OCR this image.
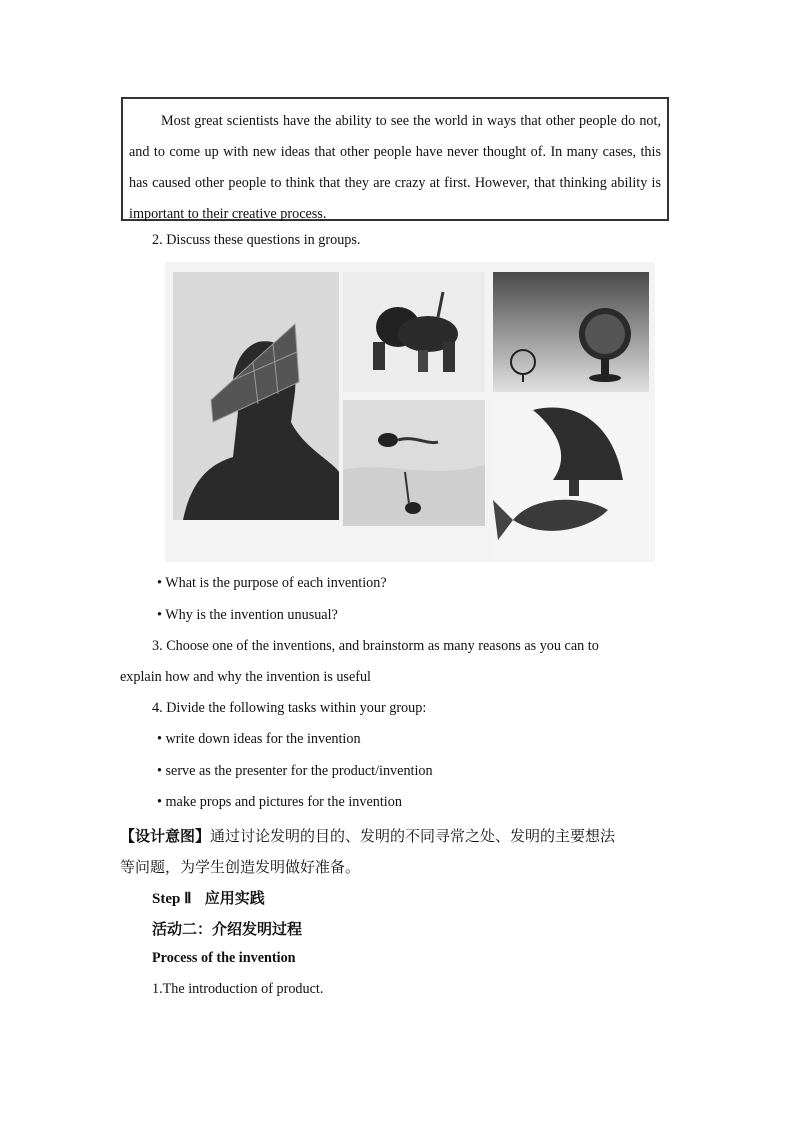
Most great scientists have the ability to see the world in ways that other people do not, and to come up with new ideas that other people have never thought of. In many cases, this has caused other people to think that they are crazy at first. However, that thinking ability is important to their creative process.
2. Discuss these questions in groups.
• What is the purpose of each invention?
• Why is the invention unusual?
3. Choose one of the inventions, and brainstorm as many reasons as you can to
explain how and why the invention is useful
4. Divide the following tasks within your group:
• write down ideas for the invention
• serve as the presenter for the product/invention
• make props and pictures for the invention
【设计意图】通过讨论发明的目的、发明的不同寻常之处、发明的主要想法
等问题，为学生创造发明做好准备。
Step Ⅱ 应用实践
活动二：介绍发明过程
Process of the invention
1.The introduction of product.
